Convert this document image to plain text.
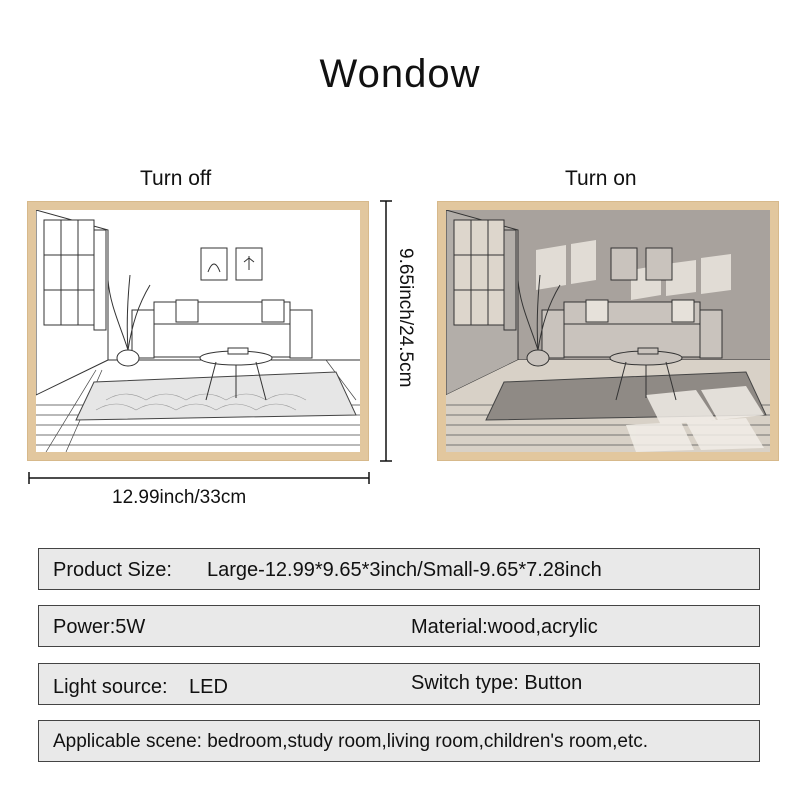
Wondow
Turn off	Turn on
12.99inch/33cm
9.65inch/24.5cm
Product Size: Large-12.99*9.65*3inch/Small-9.65*7.28inch
Power:5W	Material:wood,acrylic
Light source: LED	Switch type: Button
Applicable scene: bedroom,study room,living room,children's room,etc.
